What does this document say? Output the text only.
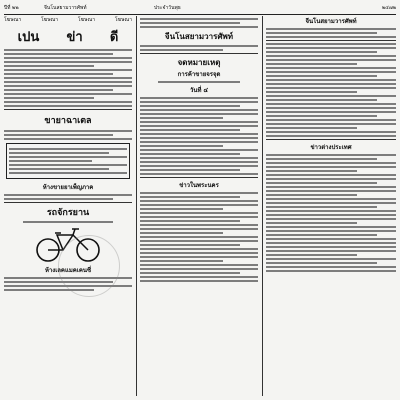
ปีที่ ๒๒	จีนโนสยามวารศัพท์	ประจำวันพุธ	๒๔๗๒
โฆษณา	โฆษณา	โฆษณา	โฆษณา
เปน ข่า ดี
ขายาฉาเตล
ห้างขายยาเพ็ญภาค
รถจักรยาน
ห้างเลคแมคเคนซี่
จีนโนสยามวารศัพท์
จดหมายเหตุ
การค้าขายจรจุด
วันที่ ๔
ข่าวในพระนคร
จีนโนสยามวารศัพท์
ข่าวต่างประเทศ
